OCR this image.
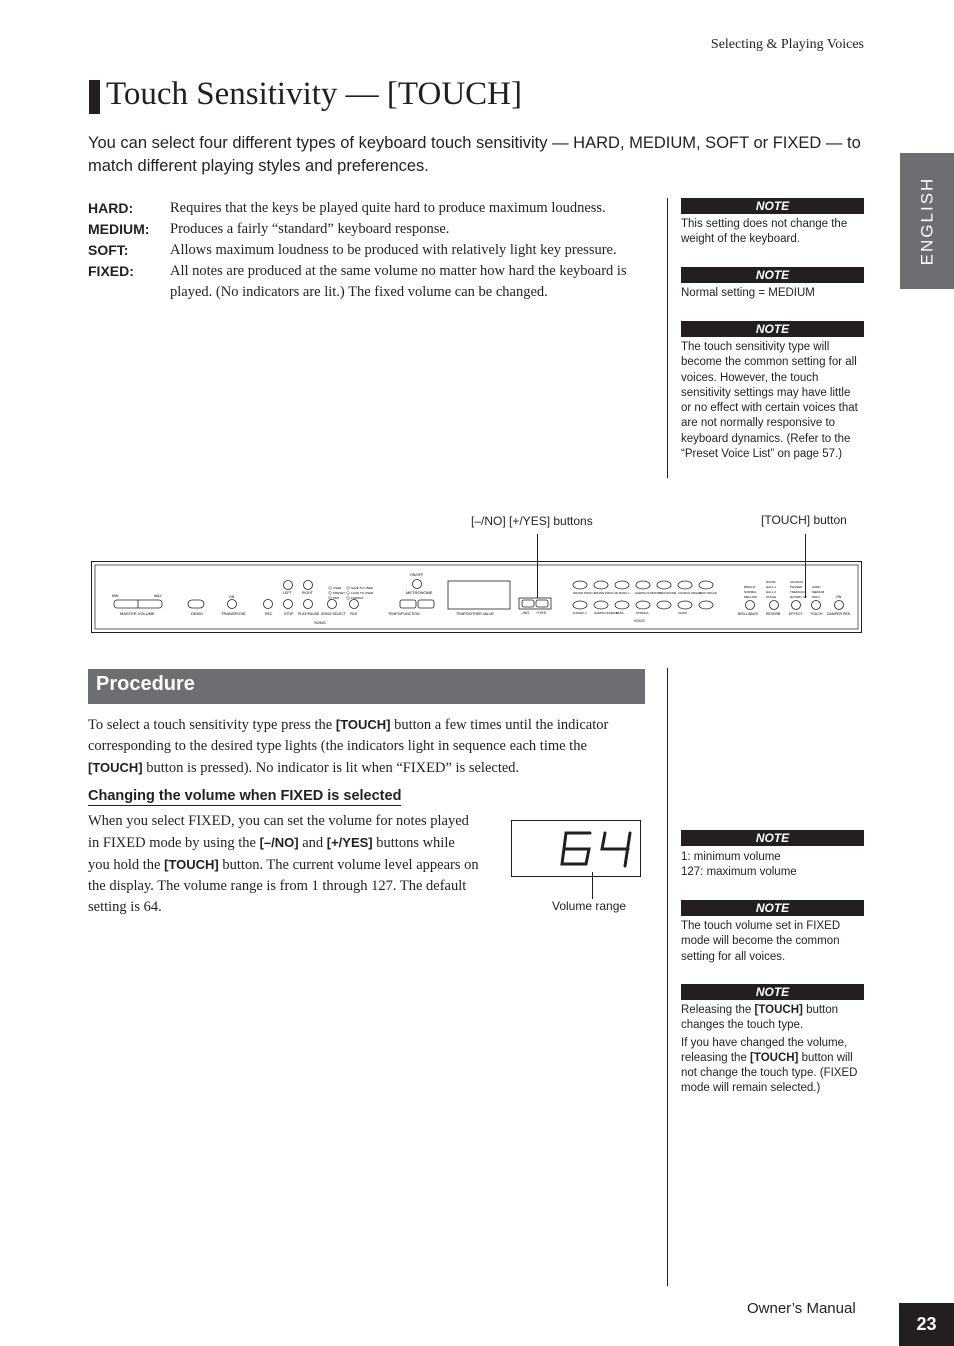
Selecting & Playing Voices
Touch Sensitivity — [TOUCH]
You can select four different types of keyboard touch sensitivity — HARD, MEDIUM, SOFT or FIXED — to match different playing styles and preferences.
HARD:	Requires that the keys be played quite hard to produce maximum loudness.
MEDIUM:	Produces a fairly “standard” keyboard response.
SOFT:	Allows maximum loudness to be produced with relatively light key pressure.
FIXED:	All notes are produced at the same volume no matter how hard the keyboard is played. (No indicators are lit.) The fixed volume can be changed.
NOTE
This setting does not change the weight of the keyboard.
NOTE
Normal setting = MEDIUM
NOTE
The touch sensitivity type will become the common setting for all voices. However, the touch sensitivity settings may have little or no effect with certain voices that are not normally responsive to keyboard dynamics. (Refer to the “Preset Voice List” on page 57.)
ENGLISH
[–/NO] [+/YES] buttons	[TOUCH] button
MIN	MAX
MASTER VOLUME	DEMO
ON
TRANSPOSE	REC	STOP PLAY/PAUSE
LEFT	RIGHT
SONG
SONG SELECT FILE
USER
PRESET
MIDI
SAVE TO USER
LOAD TO USER
FORMAT
ON/OFF
METRONOME
TEMPO/FUNCTION	TEMPO/OTHER VALUE	–/NO +/YES
GRAND PIANO 1 GRAND PIANO 2 E.PIANO 1 HARPSI-CHORD 1
VIBRA-PHONE CHURCH ORGAN
JAZZ ORGAN
STRINGS	CHOIR
E.PIANO 2	HARPSI-CHORD 2
BASS
VOICE
BRIGHT
NORMAL
MELLOW
ROOM
HALL 1
HALL 2
STAGE
CHORUS
PHASER
TREMOLO
ROTARY SP
HARD
MEDIUM
SOFT	ON
BRILLIANCE REVERB EFFECT TOUCH DAMPER RES.
Procedure
To select a touch sensitivity type press the [TOUCH] button a few times until the indicator corresponding to the desired type lights (the indicators light in sequence each time the [TOUCH] button is pressed). No indicator is lit when “FIXED” is selected.
Changing the volume when FIXED is selected
When you select FIXED, you can set the volume for notes played in FIXED mode by using the [–/NO] and [+/YES] buttons while you hold the [TOUCH] button. The current volume level appears on the display. The volume range is from 1 through 127. The default setting is 64.	Volume range
NOTE
1: minimum volume
127: maximum volume
NOTE
The touch volume set in FIXED mode will become the common setting for all voices.
NOTE
Releasing the [TOUCH] button changes the touch type.
If you have changed the volume, releasing the [TOUCH] button will not change the touch type. (FIXED mode will remain selected.)
Owner’s Manual
23
